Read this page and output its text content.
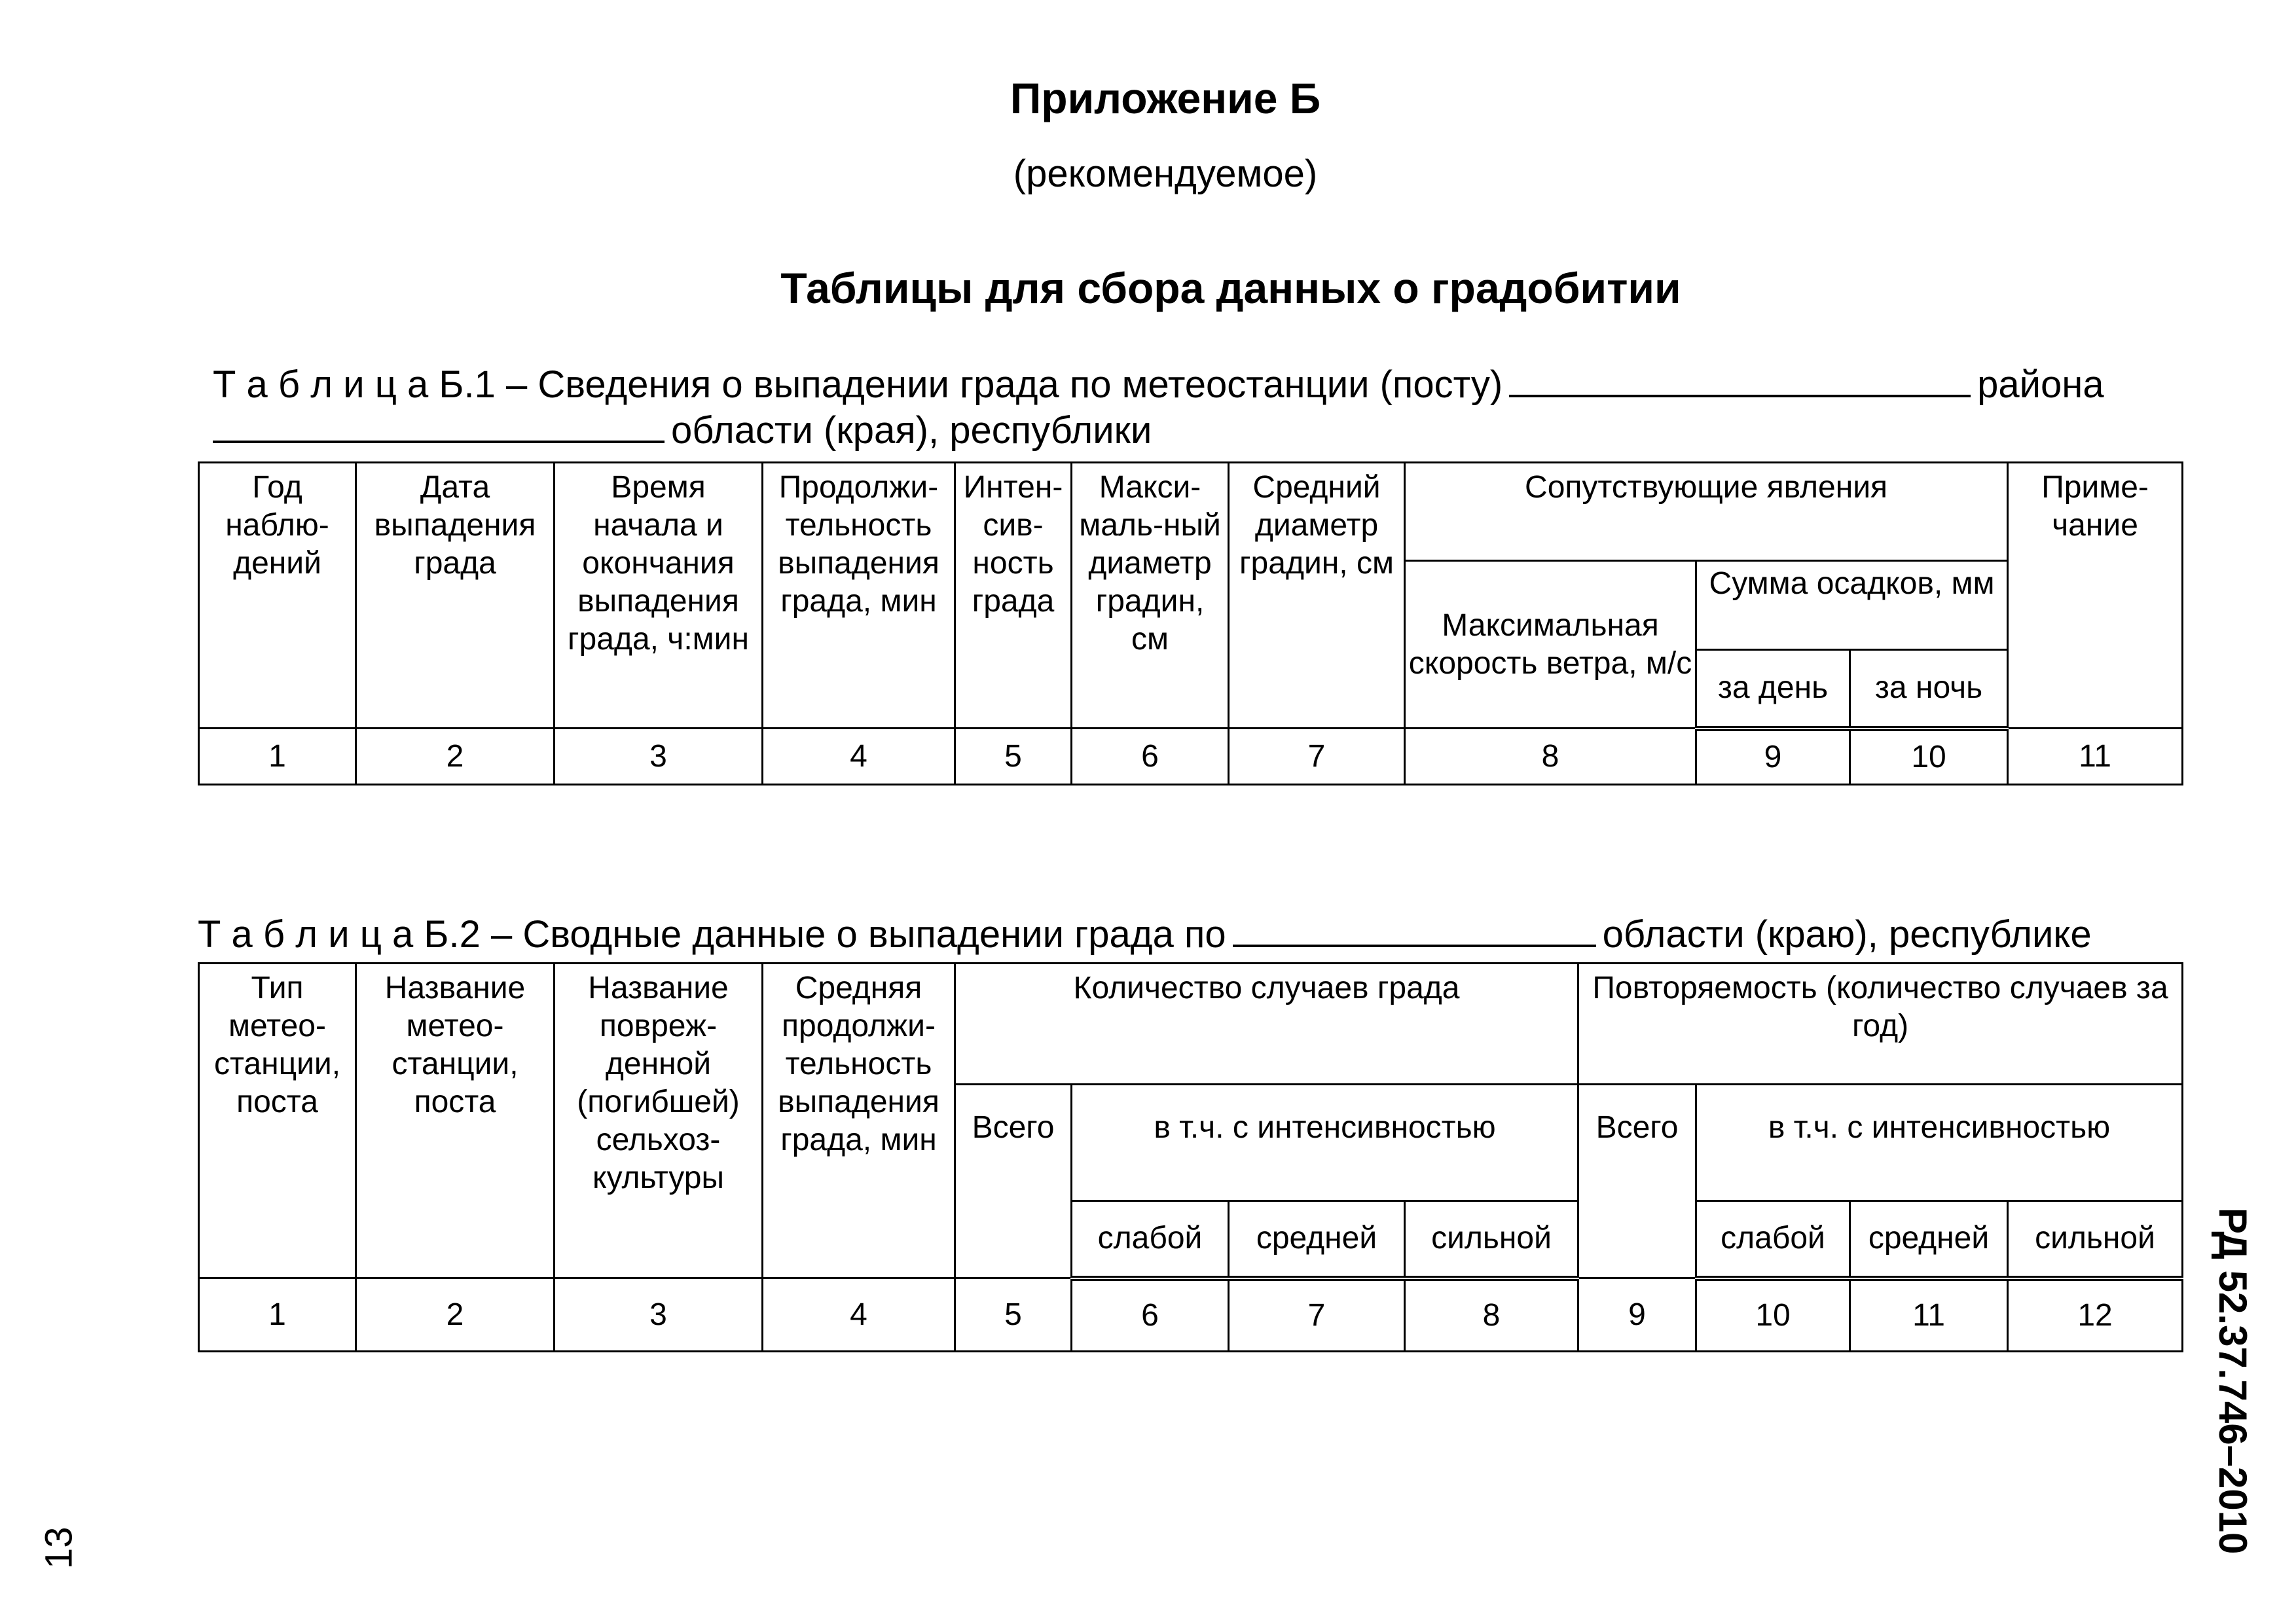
Приложение Б
(рекомендуемое)
Таблицы для сбора данных о градобитии
Т а б л и ц а Б.1 – Сведения о выпадении града по метеостанции (посту)	района
области (края), республики
Год наблю-дений	Дата выпадения града	Время начала и окончания выпадения града, ч:мин	Продолжи-тельность выпадения града, мин	Интен-сив-ность града	Макси-маль-ный диаметр градин, см	Средний диаметр градин, см	Сопутствующие явления			Приме-чание
							Максимальная скорость ветра, м/с	Сумма осадков, мм		
								за день	за ночь	
1	2	3	4	5	6	7	8	9	10	11
Т а б л и ц а Б.2 – Сводные данные о выпадении града по	области (краю), республике
Тип метео-станции, поста	Название метео-станции, поста	Название повреж-денной (погибшей) сельхоз-культуры	Средняя продолжи-тельность выпадения града, мин	Количество случаев града				Повторяемость (количество случаев за год)			
				Всего	в т.ч. с интенсивностью			Всего	в т.ч. с интенсивностью		
					слабой	средней	сильной		слабой	средней	сильной
1	2	3	4	5	6	7	8	9	10	11	12	РД 52.37.746–2010
13
